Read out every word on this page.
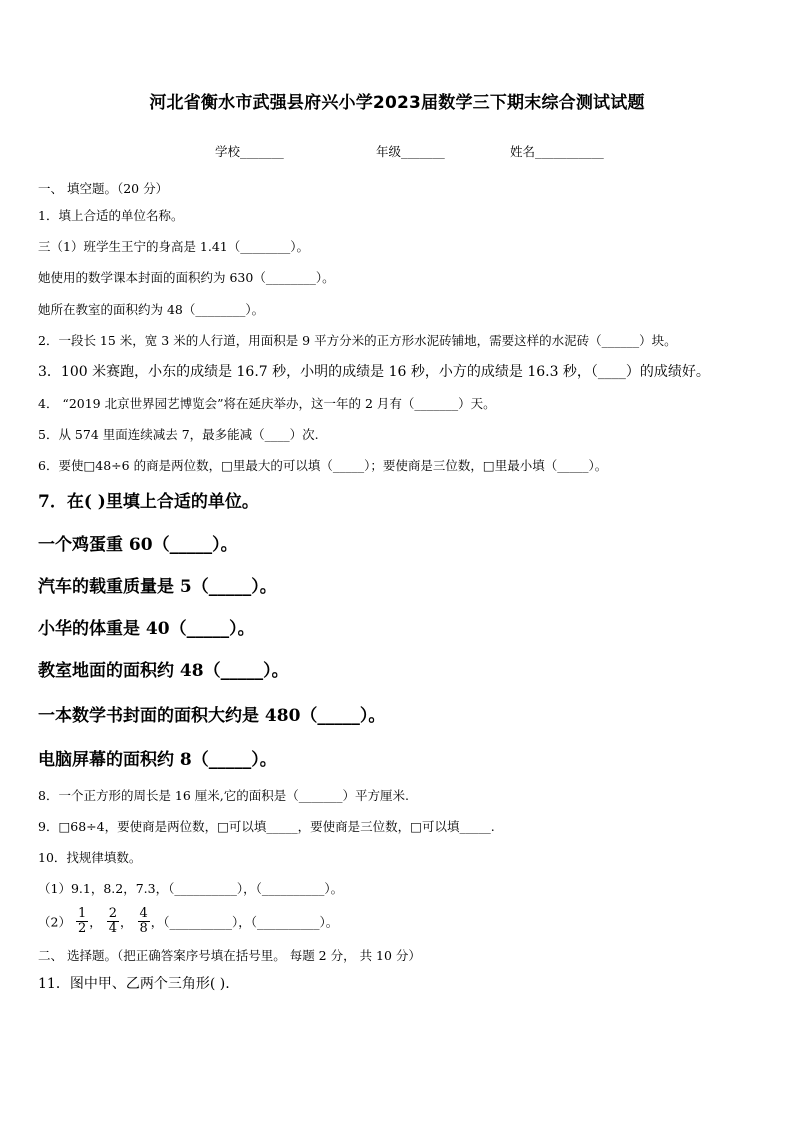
河北省衡水市武强县府兴小学2023届数学三下期末综合测试试题
学校_______	年级_______	姓名___________
一、 填空题。（20 分）
1．填上合适的单位名称。
三（1）班学生王宁的身高是 1.41（________）。
她使用的数学课本封面的面积约为 630（________）。
她所在教室的面积约为 48（________）。
2．一段长 15 米，宽 3 米的人行道，用面积是 9 平方分米的正方形水泥砖铺地，需要这样的水泥砖（______）块。
3．100 米赛跑，小东的成绩是 16.7 秒，小明的成绩是 16 秒，小方的成绩是 16.3 秒，（____）的成绩好。
4． “2019 北京世界园艺博览会”将在延庆举办，这一年的 2 月有（_______）天。
5．从 574 里面连续减去 7，最多能减（____）次.
6．要使□48÷6 的商是两位数，□里最大的可以填（_____）；要使商是三位数，□里最小填（_____）。
7．在( )里填上合适的单位。
一个鸡蛋重 60（_____）。
汽车的载重质量是 5（_____）。
小华的体重是 40（_____）。
教室地面的面积约 48（_____）。
一本数学书封面的面积大约是 480（_____）。
电脑屏幕的面积约 8（_____）。
8．一个正方形的周长是 16 厘米,它的面积是（_______）平方厘米.
9．□68÷4，要使商是两位数，□可以填_____，要使商是三位数，□可以填_____.
10．找规律填数。
（1）9.1，8.2，7.3，（__________），（__________）。
$(2) \frac{1}{2}$ ， $\frac{2}{4}$ ， $\frac{4}{8}$ ，（__________），（__________）。
二、 选择题。（把正确答案序号填在括号里。 每题 2 分， 共 10 分）
11．图中甲、乙两个三角形( ).
